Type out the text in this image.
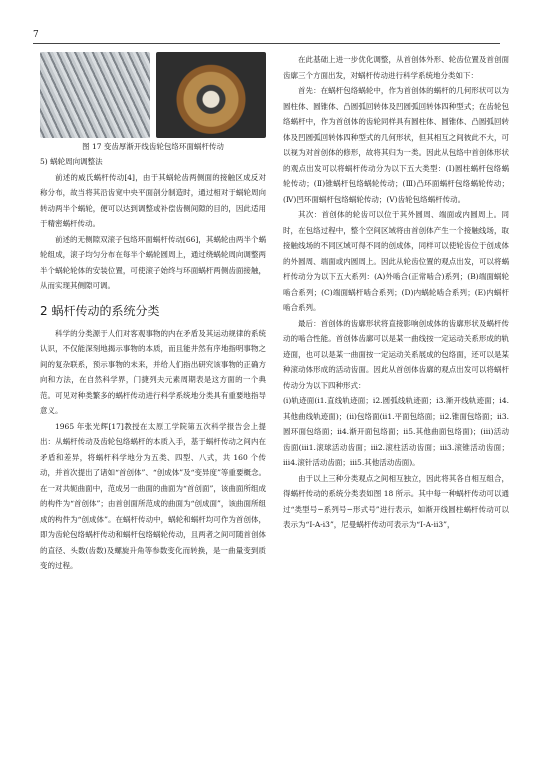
7
图 17 变齿厚渐开线齿轮包络环面蜗杆传动

5) 蜗轮周向调整法

前述的威氏蜗杆传动[4]，由于其蜗轮齿两侧面的接触区成反对称分布，故当将其沿齿宽中央平面剖分制造时，通过相对于蜗轮周向转动两半个蜗轮，便可以达到调整或补偿齿侧间隙的目的，因此适用于精密蜗杆传动。

前述的无侧隙双滚子包络环面蜗杆传动[66]，其蜗轮由两半个蜗轮组成，滚子均匀分布在每半个蜗轮圆周上，通过绕蜗轮周向调整两半个蜗轮轮体的安装位置，可使滚子始终与环面蜗杆两侧齿面接触，从而实现其侧隙可调。

2 蜗杆传动的系统分类

科学的分类源于人们对客观事物的内在矛盾及其运动规律的系统认识，不仅能深刻地揭示事物的本质，而且能井然有序地指明事物之间的复杂联系，预示事物的未来，并给人们指出研究该事物的正确方向和方法，在自然科学界，门捷列夫元素周期表是这方面的一个典范。可见对种类繁多的蜗杆传动进行科学系统地分类具有重要地指导意义。

1965 年张光辉[17]教授在太原工学院第五次科学报告会上提出：从蜗杆传动及齿轮包络蜗杆的本质入手，基于蜗杆传动之间内在矛盾和差异，将蜗杆科学地分为五类、四型、八式，共 160 个传动，并首次提出了诸如“首创体”、“创成体”及“变异度”等重要概念。在一对共轭曲面中，范成另一曲面的曲面为“首创面”，该曲面所组成的构件为“首创体”；由首创面所范成的曲面为“创成面”，该曲面所组成的构件为“创成体”。在蜗杆传动中，蜗轮和蜗杆均可作为首创体，即为齿轮包络蜗杆传动和蜗杆包络蜗轮传动，且两者之间可随首创体的直径、头数(齿数)及螺旋升角等参数变化而转换，是一曲量变到质变的过程。

在此基础上进一步优化调整，从首创体外形、轮齿位置及首创面齿廓三个方面出发，对蜗杆传动进行科学系统地分类如下：

首先：在蜗杆包络蜗轮中，作为首创体的蜗杆的几何形状可以为圆柱体、圆锥体、凸圆弧回转体及凹圆弧回转体四种型式；在齿轮包络蜗杆中，作为首创体的齿轮同样具有圆柱体、圆锥体、凸圆弧回转体及凹圆弧回转体四种型式的几何形状，但其相互之间彼此不大，可以视为对首创体的修形，故将其归为一类。因此从包络中首创体形状的观点出发可以将蜗杆传动分为以下五大类型：(Ⅰ)圆柱蜗杆包络蜗轮传动；(Ⅱ)锥蜗杆包络蜗轮传动；(Ⅲ)凸环面蜗杆包络蜗轮传动；(Ⅳ)凹环面蜗杆包络蜗轮传动；(Ⅴ)齿轮包络蜗杆传动。

其次：首创体的轮齿可以位于其外圆周、端面或内圆周上。同时，在包络过程中，整个空间区域将由首创体产生一个接触线场，取接触线场的不同区域可得不同的创成体，同样可以使轮齿位于创成体的外圆周、端面或内圆周上。因此从轮齿位置的观点出发，可以将蜗杆传动分为以下五大系列：(A)外啮合(正常啮合)系列；(B)端面蜗轮啮合系列；(C)端面蜗杆啮合系列；(D)内蜗轮啮合系列；(E)内蜗杆啮合系列。

最后：首创体的齿廓形状将直接影响创成体的齿廓形状及蜗杆传动的啮合性能。首创体齿廓可以是某一曲线按一定运动关系形成的轨迹面，也可以是某一曲面按一定运动关系展成的包络面，还可以是某种滚动体形成的活动齿面。因此从首创体齿廓的观点出发可以将蜗杆传动分为以下四种形式：

(i)轨迹面(i1.直线轨迹面；i2.圆弧线轨迹面；i3.渐开线轨迹面；i4.其他曲线轨迹面)；(ii)包络面(ii1.平面包络面；ii2.锥面包络面；ii3.圆环面包络面；ii4.渐开面包络面；ii5.其他曲面包络面)；(iii)活动齿面(iii1.滚球活动齿面；iii2.滚柱活动齿面；iii3.滚锥活动齿面；iii4.滚针活动齿面；iii5.其他活动齿面)。

由于以上三种分类观点之间相互独立，因此将其各自相互组合，得蜗杆传动的系统分类表如图 18 所示。其中每一种蜗杆传动可以通过“类型号−系列号−形式号”进行表示，如渐开线圆柱蜗杆传动可以表示为“I-A-i3”，尼曼蜗杆传动可表示为“I-A-ii3”，
